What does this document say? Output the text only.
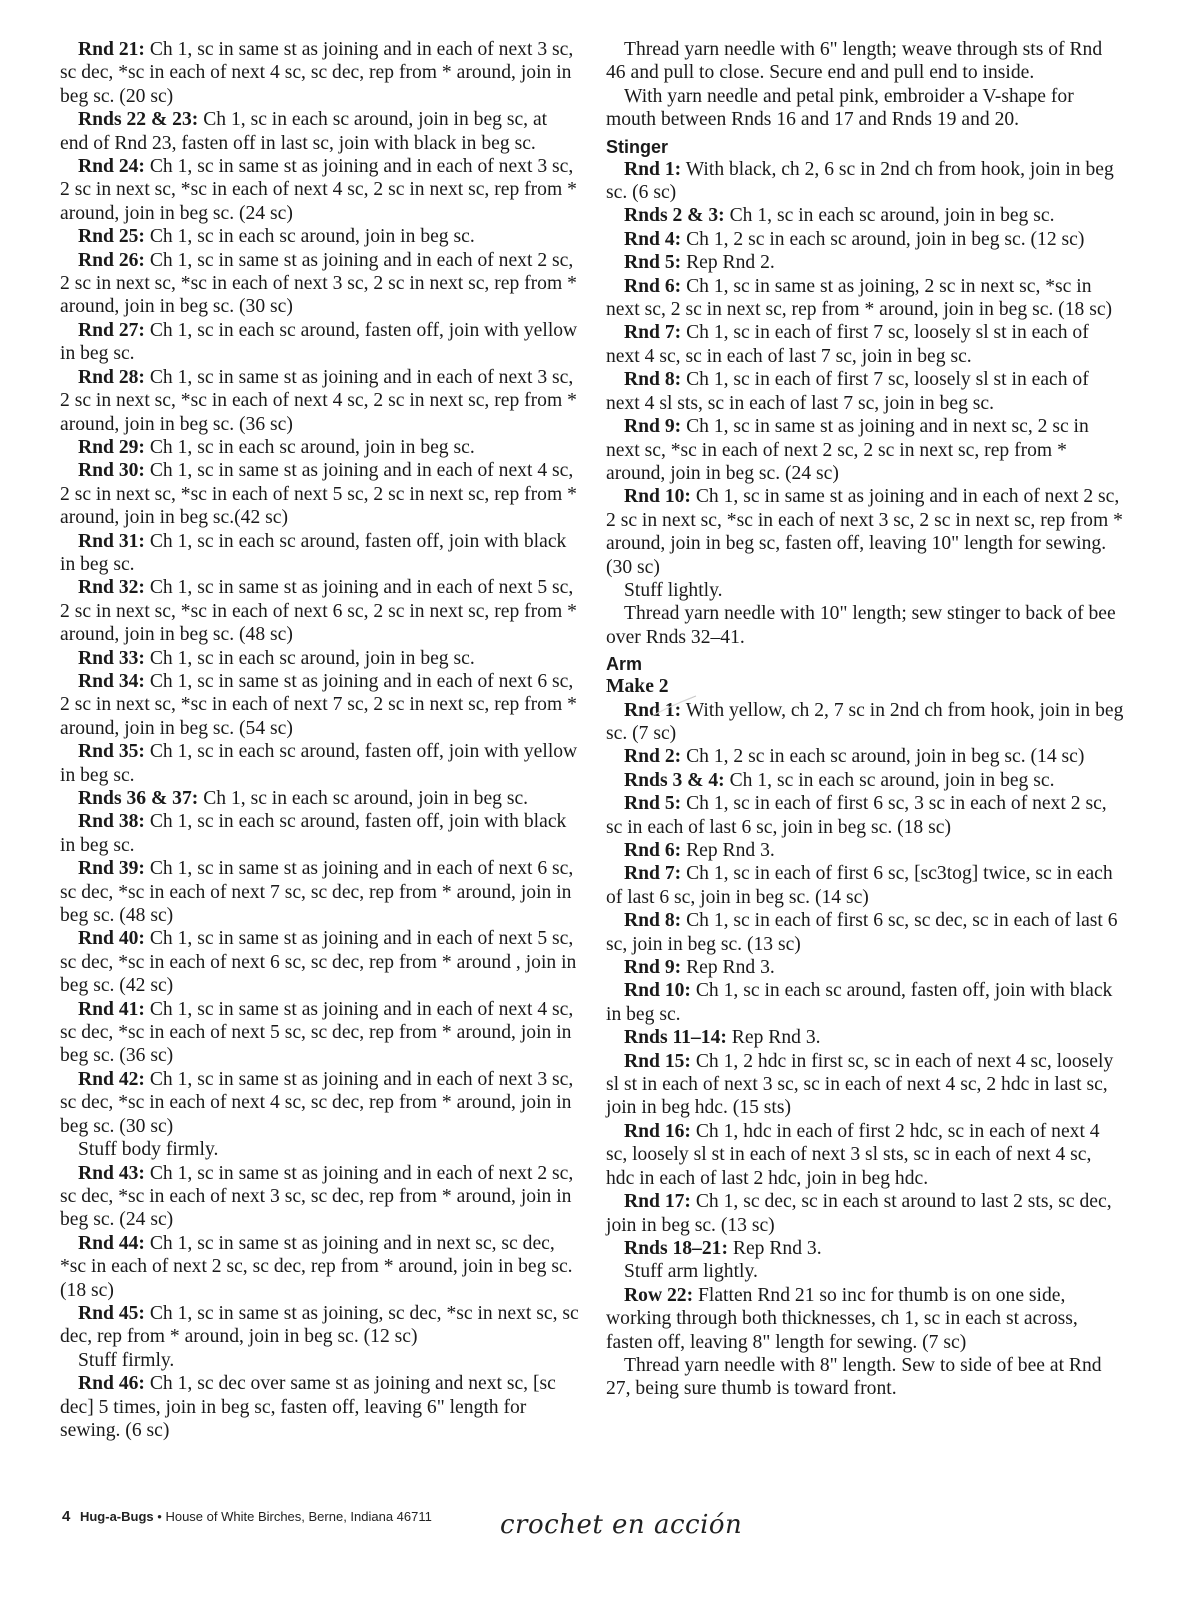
Rnd 21: Ch 1, sc in same st as joining and in each of next 3 sc, sc dec, *sc in each of next 4 sc, sc dec, rep from * around, join in beg sc. (20 sc)

Rnds 22 & 23: Ch 1, sc in each sc around, join in beg sc, at end of Rnd 23, fasten off in last sc, join with black in beg sc.

Rnd 24: Ch 1, sc in same st as joining and in each of next 3 sc, 2 sc in next sc, *sc in each of next 4 sc, 2 sc in next sc, rep from * around, join in beg sc. (24 sc)

Rnd 25: Ch 1, sc in each sc around, join in beg sc.

Rnd 26: Ch 1, sc in same st as joining and in each of next 2 sc, 2 sc in next sc, *sc in each of next 3 sc, 2 sc in next sc, rep from * around, join in beg sc. (30 sc)

Rnd 27: Ch 1, sc in each sc around, fasten off, join with yellow in beg sc.

Rnd 28: Ch 1, sc in same st as joining and in each of next 3 sc, 2 sc in next sc, *sc in each of next 4 sc, 2 sc in next sc, rep from * around, join in beg sc. (36 sc)

Rnd 29: Ch 1, sc in each sc around, join in beg sc.

Rnd 30: Ch 1, sc in same st as joining and in each of next 4 sc, 2 sc in next sc, *sc in each of next 5 sc, 2 sc in next sc, rep from * around, join in beg sc.(42 sc)

Rnd 31: Ch 1, sc in each sc around, fasten off, join with black in beg sc.

Rnd 32: Ch 1, sc in same st as joining and in each of next 5 sc, 2 sc in next sc, *sc in each of next 6 sc, 2 sc in next sc, rep from * around, join in beg sc. (48 sc)

Rnd 33: Ch 1, sc in each sc around, join in beg sc.

Rnd 34: Ch 1, sc in same st as joining and in each of next 6 sc, 2 sc in next sc, *sc in each of next 7 sc, 2 sc in next sc, rep from * around, join in beg sc. (54 sc)

Rnd 35: Ch 1, sc in each sc around, fasten off, join with yellow in beg sc.

Rnds 36 & 37: Ch 1, sc in each sc around, join in beg sc.

Rnd 38: Ch 1, sc in each sc around, fasten off, join with black in beg sc.

Rnd 39: Ch 1, sc in same st as joining and in each of next 6 sc, sc dec, *sc in each of next 7 sc, sc dec, rep from * around, join in beg sc. (48 sc)

Rnd 40: Ch 1, sc in same st as joining and in each of next 5 sc, sc dec, *sc in each of next 6 sc, sc dec, rep from * around , join in beg sc. (42 sc)

Rnd 41: Ch 1, sc in same st as joining and in each of next 4 sc, sc dec, *sc in each of next 5 sc, sc dec, rep from * around, join in beg sc. (36 sc)

Rnd 42: Ch 1, sc in same st as joining and in each of next 3 sc, sc dec, *sc in each of next 4 sc, sc dec, rep from * around, join in beg sc. (30 sc)

Stuff body firmly.

Rnd 43: Ch 1, sc in same st as joining and in each of next 2 sc, sc dec, *sc in each of next 3 sc, sc dec, rep from * around, join in beg sc. (24 sc)

Rnd 44: Ch 1, sc in same st as joining and in next sc, sc dec, *sc in each of next 2 sc, sc dec, rep from * around, join in beg sc. (18 sc)

Rnd 45: Ch 1, sc in same st as joining, sc dec, *sc in next sc, sc dec, rep from * around, join in beg sc. (12 sc)

Stuff firmly.

Rnd 46: Ch 1, sc dec over same st as joining and next sc, [sc dec] 5 times, join in beg sc, fasten off, leaving 6" length for sewing. (6 sc)

Thread yarn needle with 6" length; weave through sts of Rnd 46 and pull to close. Secure end and pull end to inside.

With yarn needle and petal pink, embroider a V-shape for mouth between Rnds 16 and 17 and Rnds 19 and 20.

Stinger

Rnd 1: With black, ch 2, 6 sc in 2nd ch from hook, join in beg sc. (6 sc)

Rnds 2 & 3: Ch 1, sc in each sc around, join in beg sc.

Rnd 4: Ch 1, 2 sc in each sc around, join in beg sc. (12 sc)

Rnd 5: Rep Rnd 2.

Rnd 6: Ch 1, sc in same st as joining, 2 sc in next sc, *sc in next sc, 2 sc in next sc, rep from * around, join in beg sc. (18 sc)

Rnd 7: Ch 1, sc in each of first 7 sc, loosely sl st in each of next 4 sc, sc in each of last 7 sc, join in beg sc.

Rnd 8: Ch 1, sc in each of first 7 sc, loosely sl st in each of next 4 sl sts, sc in each of last 7 sc, join in beg sc.

Rnd 9: Ch 1, sc in same st as joining and in next sc, 2 sc in next sc, *sc in each of next 2 sc, 2 sc in next sc, rep from * around, join in beg sc. (24 sc)

Rnd 10: Ch 1, sc in same st as joining and in each of next 2 sc, 2 sc in next sc, *sc in each of next 3 sc, 2 sc in next sc, rep from * around, join in beg sc, fasten off, leaving 10" length for sewing. (30 sc)

Stuff lightly.

Thread yarn needle with 10" length; sew stinger to back of bee over Rnds 32–41.

Arm
Make 2

Rnd 1: With yellow, ch 2, 7 sc in 2nd ch from hook, join in beg sc. (7 sc)

Rnd 2: Ch 1, 2 sc in each sc around, join in beg sc. (14 sc)

Rnds 3 & 4: Ch 1, sc in each sc around, join in beg sc.

Rnd 5: Ch 1, sc in each of first 6 sc, 3 sc in each of next 2 sc, sc in each of last 6 sc, join in beg sc. (18 sc)

Rnd 6: Rep Rnd 3.

Rnd 7: Ch 1, sc in each of first 6 sc, [sc3tog] twice, sc in each of last 6 sc, join in beg sc. (14 sc)

Rnd 8: Ch 1, sc in each of first 6 sc, sc dec, sc in each of last 6 sc, join in beg sc. (13 sc)

Rnd 9: Rep Rnd 3.

Rnd 10: Ch 1, sc in each sc around, fasten off, join with black in beg sc.

Rnds 11–14: Rep Rnd 3.

Rnd 15: Ch 1, 2 hdc in first sc, sc in each of next 4 sc, loosely sl st in each of next 3 sc, sc in each of next 4 sc, 2 hdc in last sc, join in beg hdc. (15 sts)

Rnd 16: Ch 1, hdc in each of first 2 hdc, sc in each of next 4 sc, loosely sl st in each of next 3 sl sts, sc in each of next 4 sc, hdc in each of last 2 hdc, join in beg hdc.

Rnd 17: Ch 1, sc dec, sc in each st around to last 2 sts, sc dec, join in beg sc. (13 sc)

Rnds 18–21: Rep Rnd 3.

Stuff arm lightly.

Row 22: Flatten Rnd 21 so inc for thumb is on one side, working through both thicknesses, ch 1, sc in each st across, fasten off, leaving 8" length for sewing. (7 sc)

Thread yarn needle with 8" length. Sew to side of bee at Rnd 27, being sure thumb is toward front.

4 Hug-a-Bugs • House of White Birches, Berne, Indiana 46711	crochet en acción
